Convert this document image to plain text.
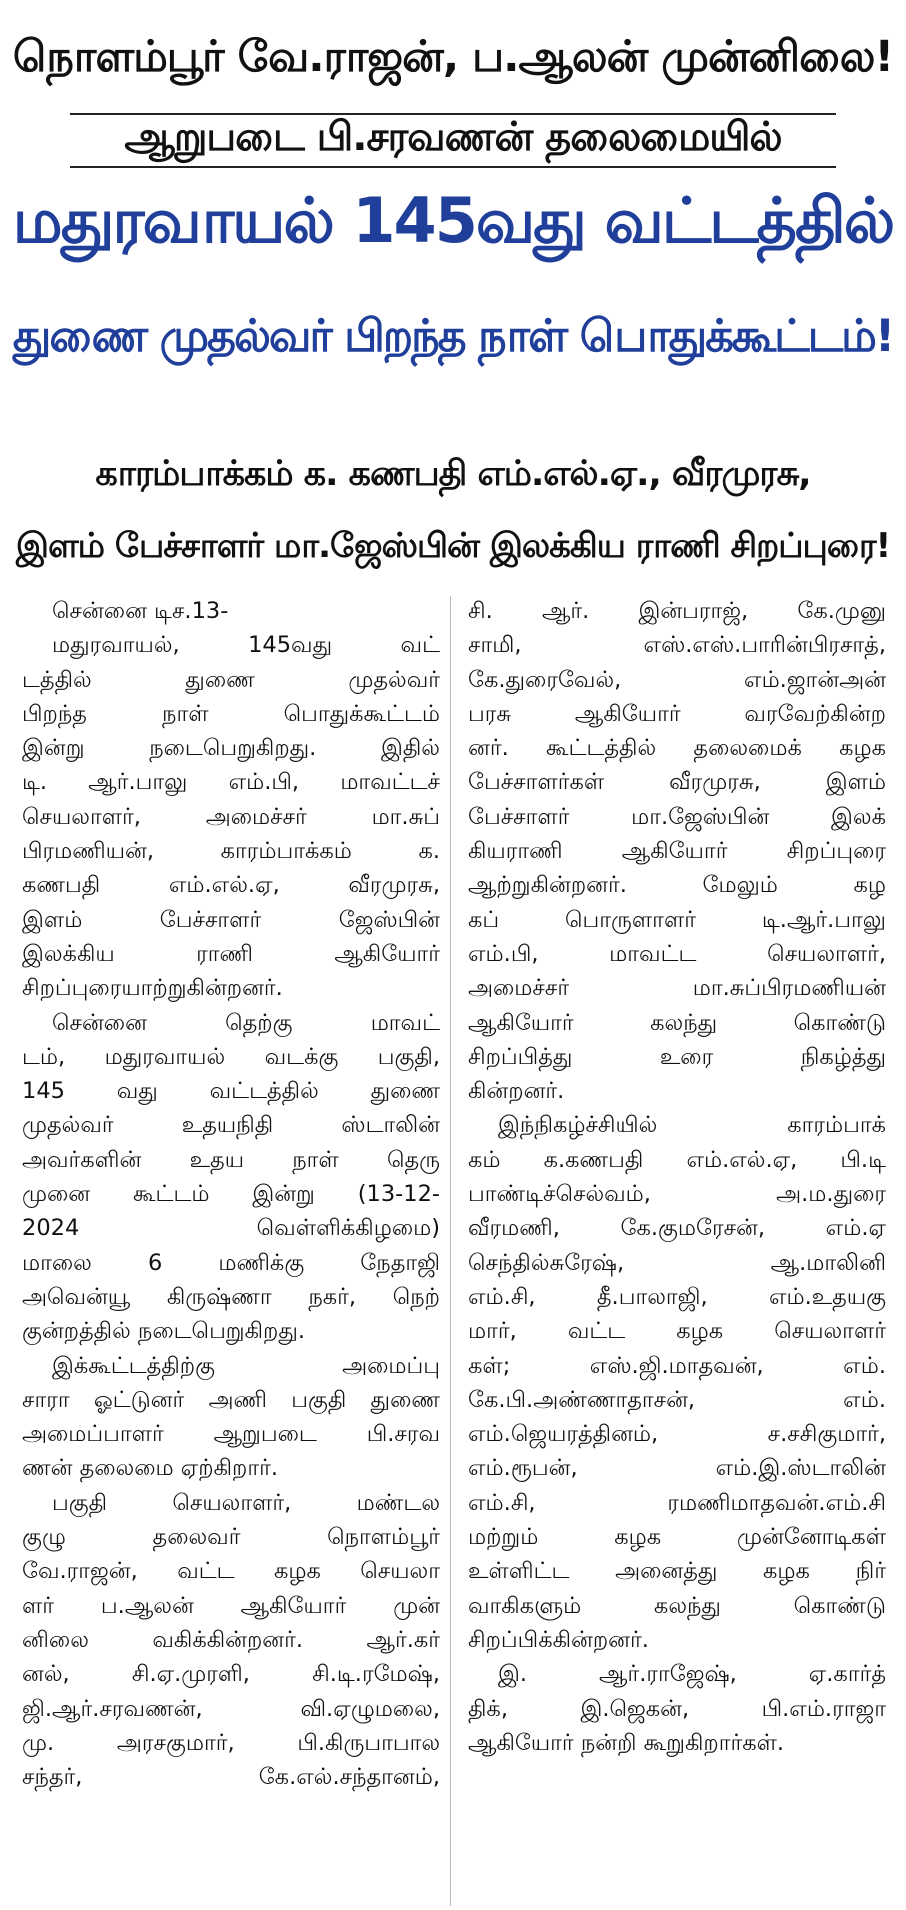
நொளம்பூர் வே.ராஜன், ப.ஆலன் முன்னிலை!
ஆறுபடை பி.சரவணன் தலைமையில்
மதுரவாயல் 145வது வட்டத்தில்
துணை முதல்வர் பிறந்த நாள் பொதுக்கூட்டம்!
காரம்பாக்கம் க. கணபதி எம்.எல்.ஏ., வீரமுரசு,
இளம் பேச்சாளர் மா.ஜேஸ்பின் இலக்கிய ராணி சிறப்புரை!
சென்னை டிச.13-
மதுரவாயல், 145வது வட்
டத்தில் துணை முதல்வர்
பிறந்த நாள் பொதுக்கூட்டம்
இன்று நடைபெறுகிறது. இதில்
டி. ஆர்.பாலு எம்.பி, மாவட்டச்
செயலாளர், அமைச்சர் மா.சுப்
பிரமணியன், காரம்பாக்கம் க.
கணபதி எம்.எல்.ஏ, வீரமுரசு,
இளம் பேச்சாளர் ஜேஸ்பின்
இலக்கிய ராணி ஆகியோர்
சிறப்புரையாற்றுகின்றனர்.
சென்னை தெற்கு மாவட்
டம், மதுரவாயல் வடக்கு பகுதி,
145 வது வட்டத்தில் துணை
முதல்வர் உதயநிதி ஸ்டாலின்
அவர்களின் உதய நாள் தெரு
முனை கூட்டம் இன்று (13-12-
2024 வெள்ளிக்கிழமை)
மாலை 6 மணிக்கு நேதாஜி
அவென்யூ கிருஷ்ணா நகர், நெற்
குன்றத்தில் நடைபெறுகிறது.
இக்கூட்டத்திற்கு அமைப்பு
சாரா ஓட்டுனர் அணி பகுதி துணை
அமைப்பாளர் ஆறுபடை பி.சரவ
ணன் தலைமை ஏற்கிறார்.
பகுதி செயலாளர், மண்டல
குழு தலைவர் நொளம்பூர்
வே.ராஜன், வட்ட கழக செயலா
ளர் ப.ஆலன் ஆகியோர் முன்
னிலை வகிக்கின்றனர். ஆர்.கர்
னல், சி.ஏ.முரளி, சி.டி.ரமேஷ்,
ஜி.ஆர்.சரவணன், வி.ஏழுமலை,
மு. அரசகுமார், பி.கிருபாபால
சந்தர், கே.எல்.சந்தானம்,
சி. ஆர். இன்பராஜ், கே.முனு
சாமி, எஸ்.எஸ்.பாரின்பிரசாத்,
கே.துரைவேல், எம்.ஜான்அன்
பரசு ஆகியோர் வரவேற்கின்ற
னர். கூட்டத்தில் தலைமைக் கழக
பேச்சாளர்கள் வீரமுரசு, இளம்
பேச்சாளர் மா.ஜேஸ்பின் இலக்
கியராணி ஆகியோர் சிறப்புரை
ஆற்றுகின்றனர். மேலும் கழ
கப் பொருளாளர் டி.ஆர்.பாலு
எம்.பி, மாவட்ட செயலாளர்,
அமைச்சர் மா.சுப்பிரமணியன்
ஆகியோர் கலந்து கொண்டு
சிறப்பித்து உரை நிகழ்த்து
கின்றனர்.
இந்நிகழ்ச்சியில் காரம்பாக்
கம் க.கணபதி எம்.எல்.ஏ, பி.டி
பாண்டிச்செல்வம், அ.ம.துரை
வீரமணி, கே.குமரேசன், எம்.ஏ
செந்தில்சுரேஷ், ஆ.மாலினி
எம்.சி, தீ.பாலாஜி, எம்.உதயகு
மார், வட்ட கழக செயலாளர்
கள்; எஸ்.ஜி.மாதவன், எம்.
கே.பி.அண்ணாதாசன், எம்.
எம்.ஜெயரத்தினம், ச.சசிகுமார்,
எம்.ரூபன், எம்.இ.ஸ்டாலின்
எம்.சி, ரமணிமாதவன்.எம்.சி
மற்றும் கழக முன்னோடிகள்
உள்ளிட்ட அனைத்து கழக நிர்
வாகிகளும் கலந்து கொண்டு
சிறப்பிக்கின்றனர்.
இ. ஆர்.ராஜேஷ், ஏ.கார்த்
திக், இ.ஜெகன், பி.எம்.ராஜா
ஆகியோர் நன்றி கூறுகிறார்கள்.
